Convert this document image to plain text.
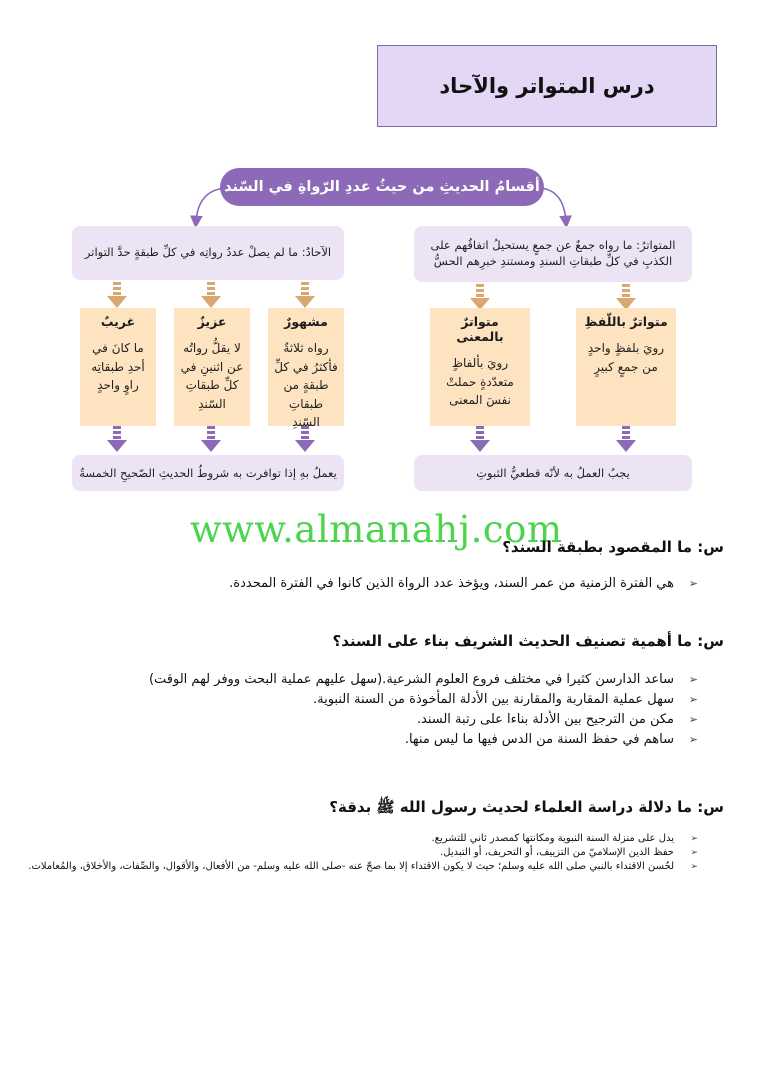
درس المتواتر والآحاد
أقسامُ الحديثِ من حيثُ عددِ الرّواةِ في السّند
الآحادُ: ما لم يصلْ عددُ رواتِه في كلِّ طبقةٍ حدَّ التواتر	المتواترُ: ما رواه جمعٌ عن جمعٍ يستحيلُ اتفاقُهم على الكذبِ في كلِّ طبقاتِ السندِ ومستندِ خبرِهم الحسُّ
متواترٌ باللّفظِ
رويَ بلفظٍ واحدٍ من جمعٍ كبيرٍ
متواترٌ بالمعنى
رويَ بألفاظٍ متعدّدةٍ حملتْ نفسَ المعنى
مشهورٌ
رواه ثلاثةٌ فأكثرُ في كلِّ طبقةٍ من طبقاتِ السّندِ
عزيزٌ
لا يقلُّ رواتُه عن اثنينِ في كلِّ طبقاتِ السّندِ
غريبٌ
ما كانَ في أحدِ طبقاتِه راوٍ واحدٍ
يعملُ بهِ إذا توافرت به شروطُ الحديثِ الصّحيحِ الخمسةُ	يجبُ العملُ به لأنّه قطعيُّ الثبوتِ
www.almanahj.com
س: ما المقصود بطبقة السند؟
➢
هي الفترة الزمنية من عمر السند، ويؤخذ عدد الرواة الذين كانوا في الفترة المحددة.
س: ما أهمية تصنيف الحديث الشريف بناء على السند؟
➢
ساعد الدارسن كثيرا في مختلف فروع العلوم الشرعية.(سهل عليهم عملية البحث ووفر لهم الوقت)
➢
سهل عملية المقاربة والمقارنة بين الأدلة المأخوذة من السنة النبوية.
➢
مكن من الترجيح بين الأدلة بناءا على رتبة السند.
➢
ساهم في حفظ السنة من الدس فيها ما ليس منها.
س: ما دلالة دراسة العلماء لحديث رسول الله ﷺ بدقة؟
➢
يدل على منزلة السنة النبوية ومكانتها كمصدر ثاني للتشريع.
➢
حفظ الدين الإسلاميّ من التزييف، أو التحريف، أو التبديل.
➢
لحُسن الاقتداء بالنبي صلى الله عليه وسلم؛ حيث لا يكون الاقتداء إلا بما صحّ عنه -صلى الله عليه وسلم- من الأفعال، والأقوال، والصِّفات، والأخلاق، والمُعاملات.
